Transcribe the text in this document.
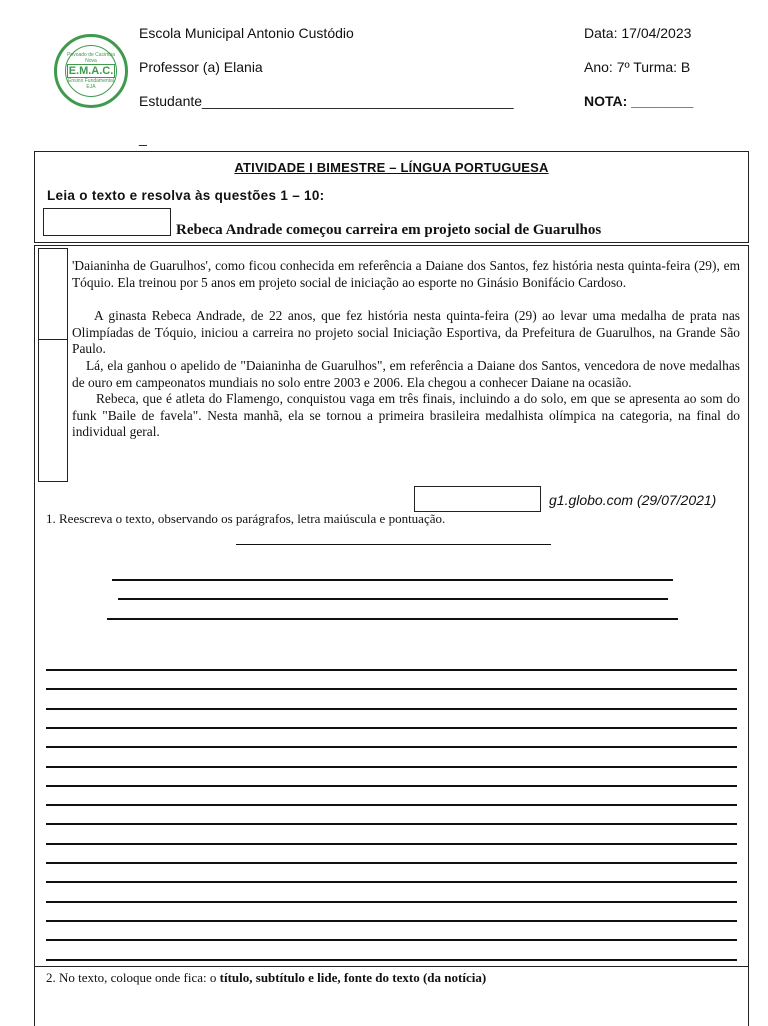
Povoado de Cacimba Nova
E.M.A.C.
Ensino Fundamental
EJA
Escola Municipal Antonio Custódio
Professor (a) Elania
Estudante________________________________________
_
Data: 17/04/2023
Ano: 7º Turma: B
NOTA: ________
ATIVIDADE I BIMESTRE – LÍNGUA PORTUGUESA
Leia o texto e resolva às questões 1 – 10:
Rebeca Andrade começou carreira em projeto social de Guarulhos

'Daianinha de Guarulhos', como ficou conhecida em referência a Daiane dos Santos, fez história nesta quinta-feira (29), em Tóquio. Ela treinou por 5 anos em projeto social de iniciação ao esporte no Ginásio Bonifácio Cardoso.

A ginasta Rebeca Andrade, de 22 anos, que fez história nesta quinta-feira (29) ao levar uma medalha de prata nas Olimpíadas de Tóquio, iniciou a carreira no projeto social Iniciação Esportiva, da Prefeitura de Guarulhos, na Grande São Paulo.

Lá, ela ganhou o apelido de "Daianinha de Guarulhos", em referência a Daiane dos Santos, vencedora de nove medalhas de ouro em campeonatos mundiais no solo entre 2003 e 2006. Ela chegou a conhecer Daiane na ocasião.

Rebeca, que é atleta do Flamengo, conquistou vaga em três finais, incluindo a do solo, em que se apresenta ao som do funk "Baile de favela". Nesta manhã, ela se tornou a primeira brasileira medalhista olímpica na categoria, na final do individual geral.

g1.globo.com (29/07/2021)
1. Reescreva o texto, observando os parágrafos, letra maiúscula e pontuação.
2. No texto, coloque onde fica: o título, subtítulo e lide, fonte do texto (da notícia)
